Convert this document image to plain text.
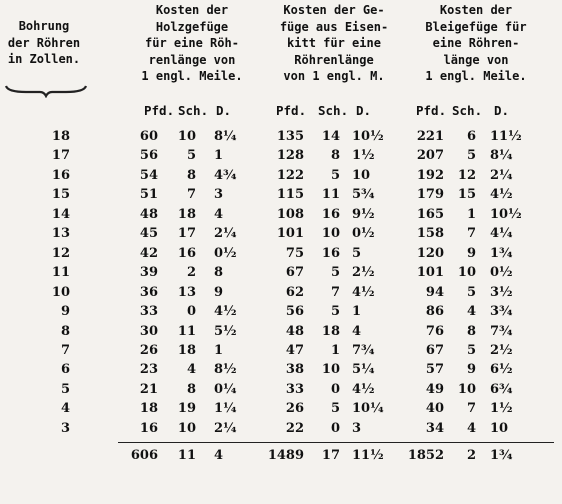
Bohrung
der Röhren
in Zollen.
Kosten der
Holzgefüge
für eine Röh-
renlänge von
1 engl. Meile.
Kosten der Ge-
füge aus Eisen-
kitt für eine
Röhrenlänge
von 1 engl. M.
Kosten der
Bleigefüge für
eine Röhren-
länge von
1 engl. Meile.
Pfd. Sch. D.	Pfd. Sch. D.	Pfd. Sch. D.
18	60	10 8¼	135	14 10½	221	6 11½
17	56	5 1	128	8 1½	207	5 8¼
16	54	8 4¾	122	5 10	192	12 2¼
15	51	7 3	115	11 5¾	179	15 4½
14	48	18 4	108	16 9½	165	1 10½
13	45	17 2¼	101	10 0½	158	7 4¼
12	42	16 0½	75	16 5	120	9 1¾
11	39	2 8	67	5 2½	101	10 0½
10	36	13 9	62	7 4½	94	5 3½
9	33	0 4½	56	5 1	86	4 3¾
8	30	11 5½	48	18 4	76	8 7¾
7	26	18 1	47	1 7¾	67	5 2½
6	23	4 8½	38	10 5¼	57	9 6½
5	21	8 0¼	33	0 4½	49	10 6¾
4	18	19 1¼	26	5 10¼	40	7 1½
3	16	10 2¼	22	0 3	34	4 10
606	11 4	1489	17 11½	1852	2 1¾
